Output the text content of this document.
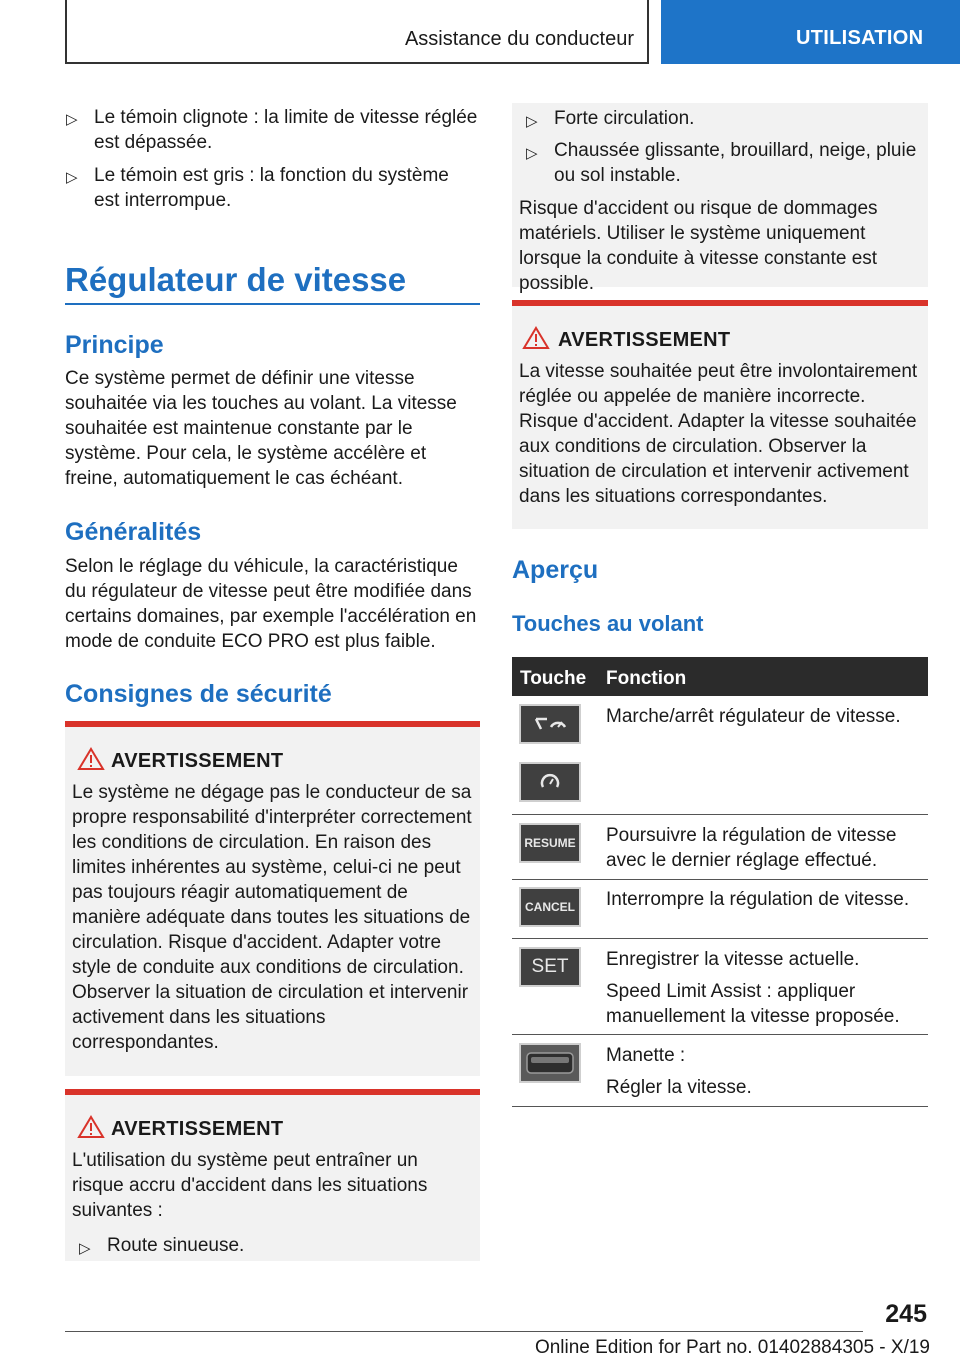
Assistance du conducteur	UTILISATION
▷ Le témoin clignote : la limite de vitesse réglée est dépassée.
▷ Le témoin est gris : la fonction du système est interrompue.
Régulateur de vitesse
Principe
Ce système permet de définir une vitesse souhaitée via les touches au volant. La vitesse souhaitée est maintenue constante par le système. Pour cela, le système accélère et freine, automatiquement le cas échéant.
Généralités
Selon le réglage du véhicule, la caractéristique du régulateur de vitesse peut être modifiée dans certains domaines, par exemple l'accélération en mode de conduite ECO PRO est plus faible.
Consignes de sécurité
AVERTISSEMENT
Le système ne dégage pas le conducteur de sa propre responsabilité d'interpréter correctement les conditions de circulation. En raison des limites inhérentes au système, celui-ci ne peut pas toujours réagir automatiquement de manière adéquate dans toutes les situations de circulation. Risque d'accident. Adapter votre style de conduite aux conditions de circulation. Observer la situation de circulation et intervenir activement dans les situations correspondantes.
AVERTISSEMENT
L'utilisation du système peut entraîner un risque accru d'accident dans les situations suivantes :
▷ Route sinueuse.
▷ Forte circulation.
▷ Chaussée glissante, brouillard, neige, pluie ou sol instable.
Risque d'accident ou risque de dommages matériels. Utiliser le système uniquement lorsque la conduite à vitesse constante est possible.
AVERTISSEMENT
La vitesse souhaitée peut être involontairement réglée ou appelée de manière incorrecte. Risque d'accident. Adapter la vitesse souhaitée aux conditions de circulation. Observer la situation de circulation et intervenir activement dans les situations correspondantes.
Aperçu
Touches au volant
Touche Fonction
Marche/arrêt régulateur de vitesse.
RESUME Poursuivre la régulation de vitesse avec le dernier réglage effectué.
CANCEL	Interrompre la régulation de vitesse.
SET	Enregistrer la vitesse actuelle.
Speed Limit Assist : appliquer manuellement la vitesse proposée.
Manette :
Régler la vitesse.
245
Online Edition for Part no. 01402884305 - X/19
